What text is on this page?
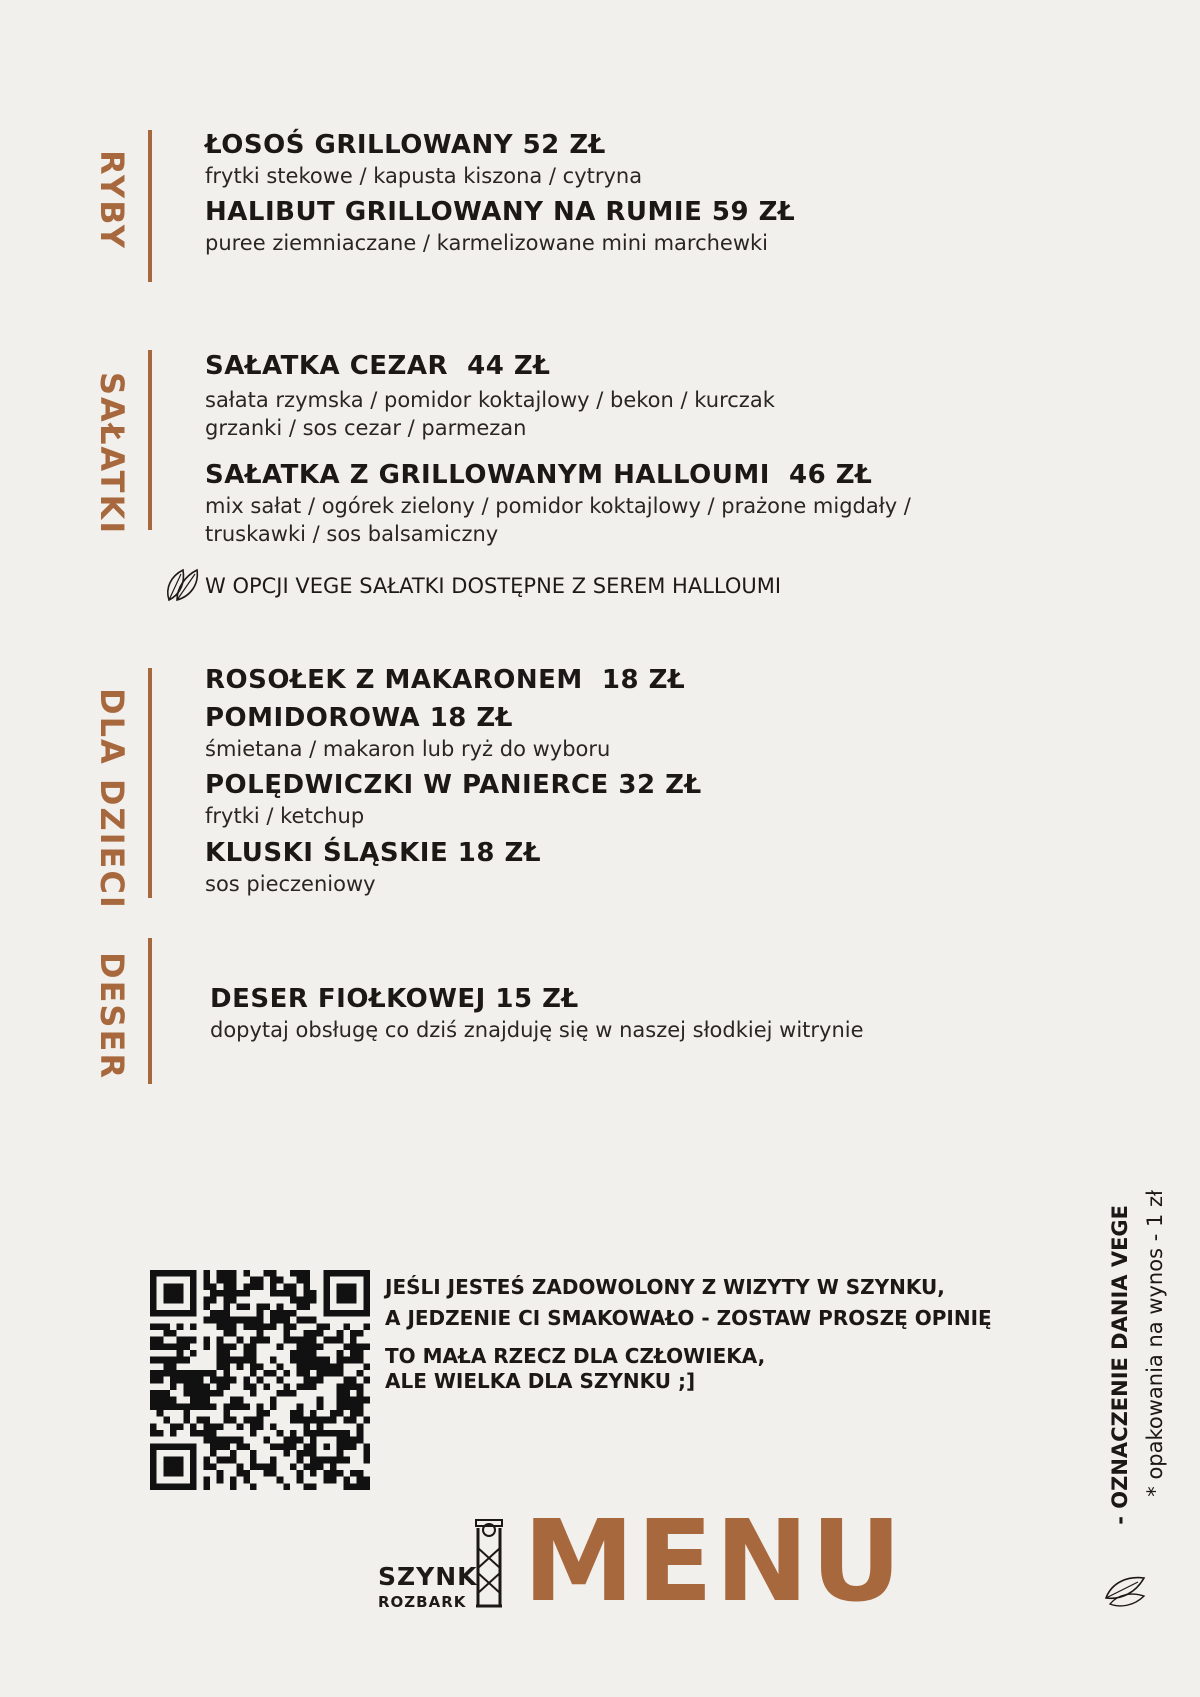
RYBY
ŁOSOŚ GRILLOWANY 52 ZŁ
frytki stekowe / kapusta kiszona / cytryna
HALIBUT GRILLOWANY NA RUMIE 59 ZŁ
puree ziemniaczane / karmelizowane mini marchewki
SAŁATKI
SAŁATKA CEZAR  44 ZŁ
sałata rzymska / pomidor koktajlowy / bekon / kurczak
grzanki / sos cezar / parmezan
SAŁATKA Z GRILLOWANYM HALLOUMI  46 ZŁ
mix sałat / ogórek zielony / pomidor koktajlowy / prażone migdały /
truskawki / sos balsamiczny
W OPCJI VEGE SAŁATKI DOSTĘPNE Z SEREM HALLOUMI
DLA DZIECI
ROSOŁEK Z MAKARONEM  18 ZŁ
POMIDOROWA 18 ZŁ
śmietana / makaron lub ryż do wyboru
POLĘDWICZKI W PANIERCE 32 ZŁ
frytki / ketchup
KLUSKI ŚLĄSKIE 18 ZŁ
sos pieczeniowy
DESER	DESER FIOŁKOWEJ 15 ZŁ
dopytaj obsługę co dziś znajduję się w naszej słodkiej witrynie
JEŚLI JESTEŚ ZADOWOLONY Z WIZYTY W SZYNKU,
A JEDZENIE CI SMAKOWAŁO - ZOSTAW PROSZĘ OPINIĘ
TO MAŁA RZECZ DLA CZŁOWIEKA,
ALE WIELKA DLA SZYNKU ;]
SZYNK
ROZBARK MENU
- OZNACZENIE DANIA VEGE * opakowania na wynos - 1 zł
